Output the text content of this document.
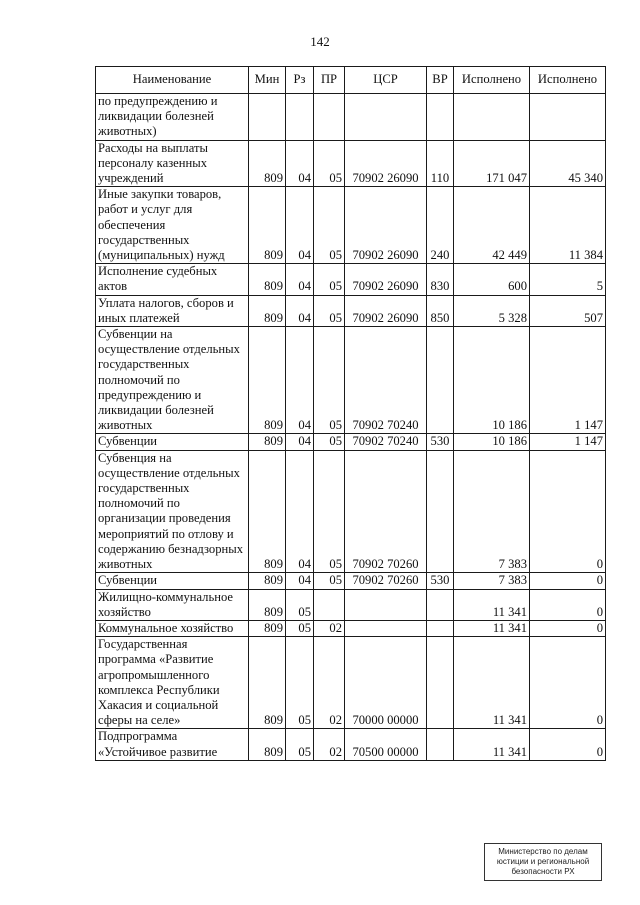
142
Наименование	Мин	Рз	ПР	ЦСР	ВР	Исполнено	Исполнено
по предупреждению и ликвидации болезней животных)							
Расходы на выплаты персоналу казенных учреждений	809	04	05	70902 26090	110	171 047	45 340
Иные закупки товаров, работ и услуг для обеспечения государственных (муниципальных) нужд	809	04	05	70902 26090	240	42 449	11 384
Исполнение судебных актов	809	04	05	70902 26090	830	600	5
Уплата налогов, сборов и иных платежей	809	04	05	70902 26090	850	5 328	507
Субвенции на осуществление отдельных государственных полномочий по предупреждению и ликвидации болезней животных	809	04	05	70902 70240		10 186	1 147
Субвенции	809	04	05	70902 70240	530	10 186	1 147
Субвенция на осуществление отдельных государственных полномочий по организации проведения мероприятий по отлову и содержанию безнадзорных животных	809	04	05	70902 70260		7 383	0
Субвенции	809	04	05	70902 70260	530	7 383	0
Жилищно-коммунальное хозяйство	809	05				11 341	0
Коммунальное хозяйство	809	05	02			11 341	0
Государственная программа «Развитие агропромышленного комплекса Республики Хакасия и социальной сферы на селе»	809	05	02	70000 00000		11 341	0
Подпрограмма «Устойчивое развитие	809	05	02	70500 00000		11 341	0
Министерство по делам
юстиции и региональной
безопасности РХ
